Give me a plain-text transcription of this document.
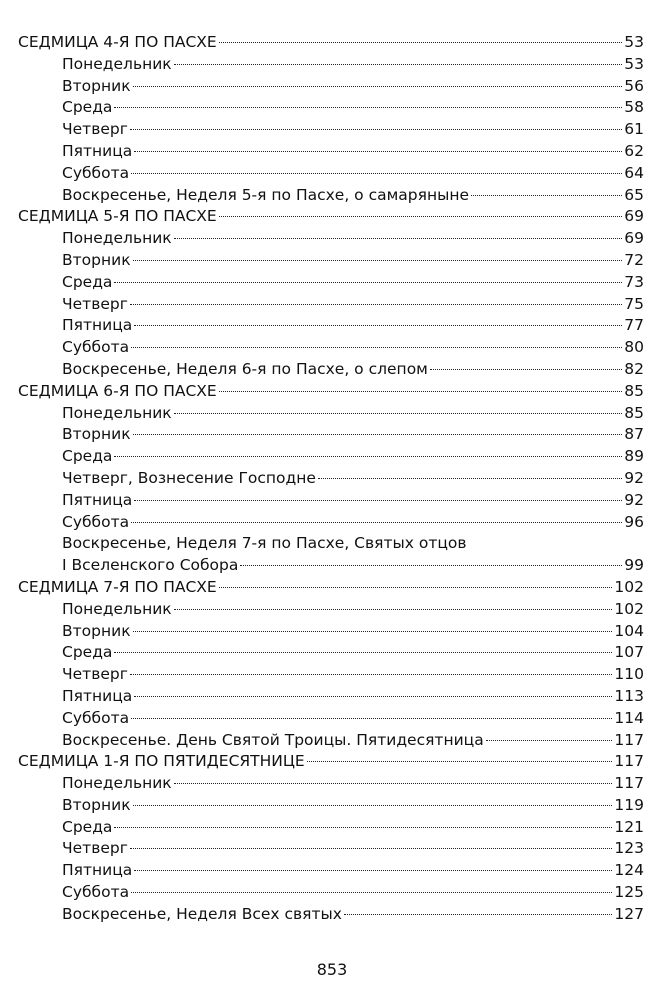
СЕДМИЦА 4-Я ПО ПАСХЕ	53
Понедельник	53
Вторник	56
Среда	58
Четверг	61
Пятница	62
Суббота	64
Воскресенье, Неделя 5-я по Пасхе, о самаряныне	65
СЕДМИЦА 5-Я ПО ПАСХЕ	69
Понедельник	69
Вторник	72
Среда	73
Четверг	75
Пятница	77
Суббота	80
Воскресенье, Неделя 6-я по Пасхе, о слепом	82
СЕДМИЦА 6-Я ПО ПАСХЕ	85
Понедельник	85
Вторник	87
Среда	89
Четверг, Вознесение Господне	92
Пятница	92
Суббота	96
Воскресенье, Неделя 7-я по Пасхе, Святых отцов
I Вселенского Собора	99
СЕДМИЦА 7-Я ПО ПАСХЕ	102
Понедельник	102
Вторник	104
Среда	107
Четверг	110
Пятница	113
Суббота	114
Воскресенье. День Святой Троицы. Пятидесятница	117
СЕДМИЦА 1-Я ПО ПЯТИДЕСЯТНИЦЕ	117
Понедельник	117
Вторник	119
Среда	121
Четверг	123
Пятница	124
Суббота	125
Воскресенье, Неделя Всех святых	127
853
